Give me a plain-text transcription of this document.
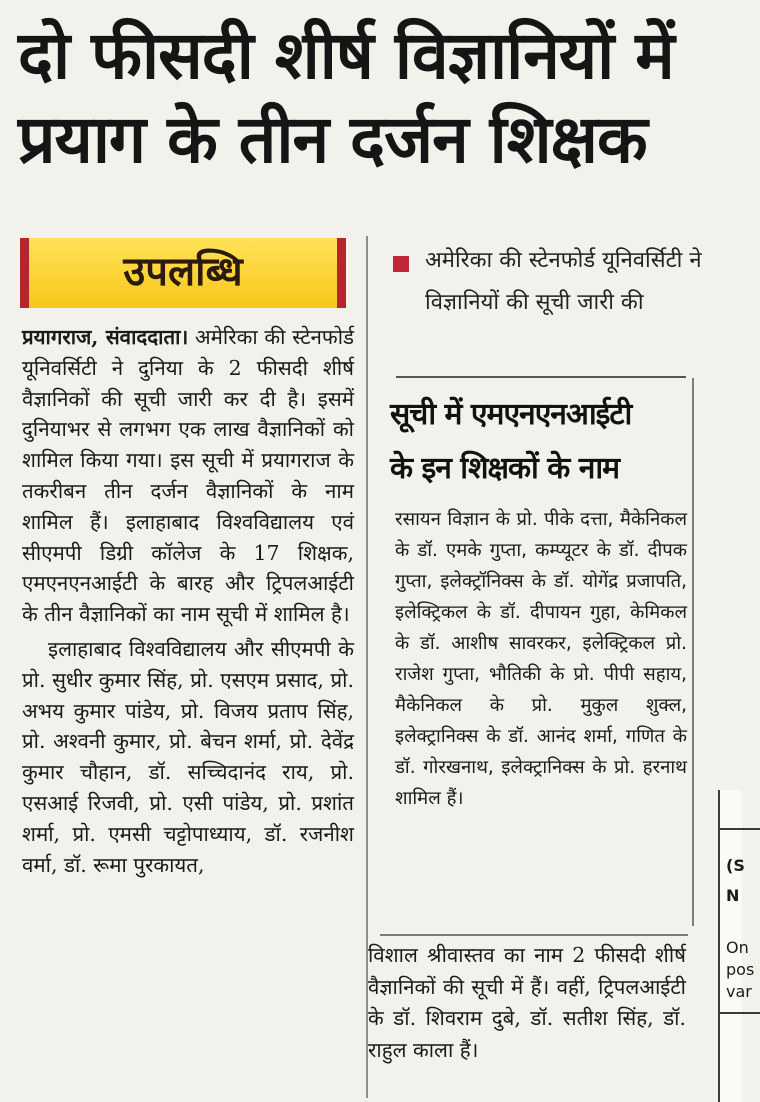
दो फीसदी शीर्ष विज्ञानियों में
प्रयाग के तीन दर्जन शिक्षक
उपलब्धि

प्रयागराज, संवाददाता। अमेरिका की स्टेनफोर्ड यूनिवर्सिटी ने दुनिया के 2 फीसदी शीर्ष वैज्ञानिकों की सूची जारी कर दी है। इसमें दुनियाभर से लगभग एक लाख वैज्ञानिकों को शामिल किया गया। इस सूची में प्रयागराज के तकरीबन तीन दर्जन वैज्ञानिकों के नाम शामिल हैं। इलाहाबाद विश्वविद्यालय एवं सीएमपी डिग्री कॉलेज के 17 शिक्षक, एमएनएनआईटी के बारह और ट्रिपलआईटी के तीन वैज्ञानिकों का नाम सूची में शामिल है।

इलाहाबाद विश्वविद्यालय और सीएमपी के प्रो. सुधीर कुमार सिंह, प्रो. एसएम प्रसाद, प्रो. अभय कुमार पांडेय, प्रो. विजय प्रताप सिंह, प्रो. अश्वनी कुमार, प्रो. बेचन शर्मा, प्रो. देवेंद्र कुमार चौहान, डॉ. सच्चिदानंद राय, प्रो. एसआई रिजवी, प्रो. एसी पांडेय, प्रो. प्रशांत शर्मा, प्रो. एमसी चट्टोपाध्याय, डॉ. रजनीश वर्मा, डॉ. रूमा पुरकायत,

अमेरिका की स्टेनफोर्ड यूनिवर्सिटी ने विज्ञानियों की सूची जारी की
सूची में एमएनएनआईटी
के इन शिक्षकों के नाम
रसायन विज्ञान के प्रो. पीके दत्ता, मैकेनिकल के डॉ. एमके गुप्ता, कम्प्यूटर के डॉ. दीपक गुप्ता, इलेक्ट्रॉनिक्स के डॉ. योगेंद्र प्रजापति, इलेक्ट्रिकल के डॉ. दीपायन गुहा, केमिकल के डॉ. आशीष सावरकर, इलेक्ट्रिकल प्रो. राजेश गुप्ता, भौतिकी के प्रो. पीपी सहाय, मैकेनिकल के प्रो. मुकुल शुक्ल, इलेक्ट्रानिक्स के डॉ. आनंद शर्मा, गणित के डॉ. गोरखनाथ, इलेक्ट्रानिक्स के प्रो. हरनाथ शामिल हैं।
विशाल श्रीवास्तव का नाम 2 फीसदी शीर्ष वैज्ञानिकों की सूची में हैं। वहीं, ट्रिपलआईटी के डॉ. शिवराम दुबे, डॉ. सतीश सिंह, डॉ. राहुल काला हैं।
(S
N
On
pos
var
